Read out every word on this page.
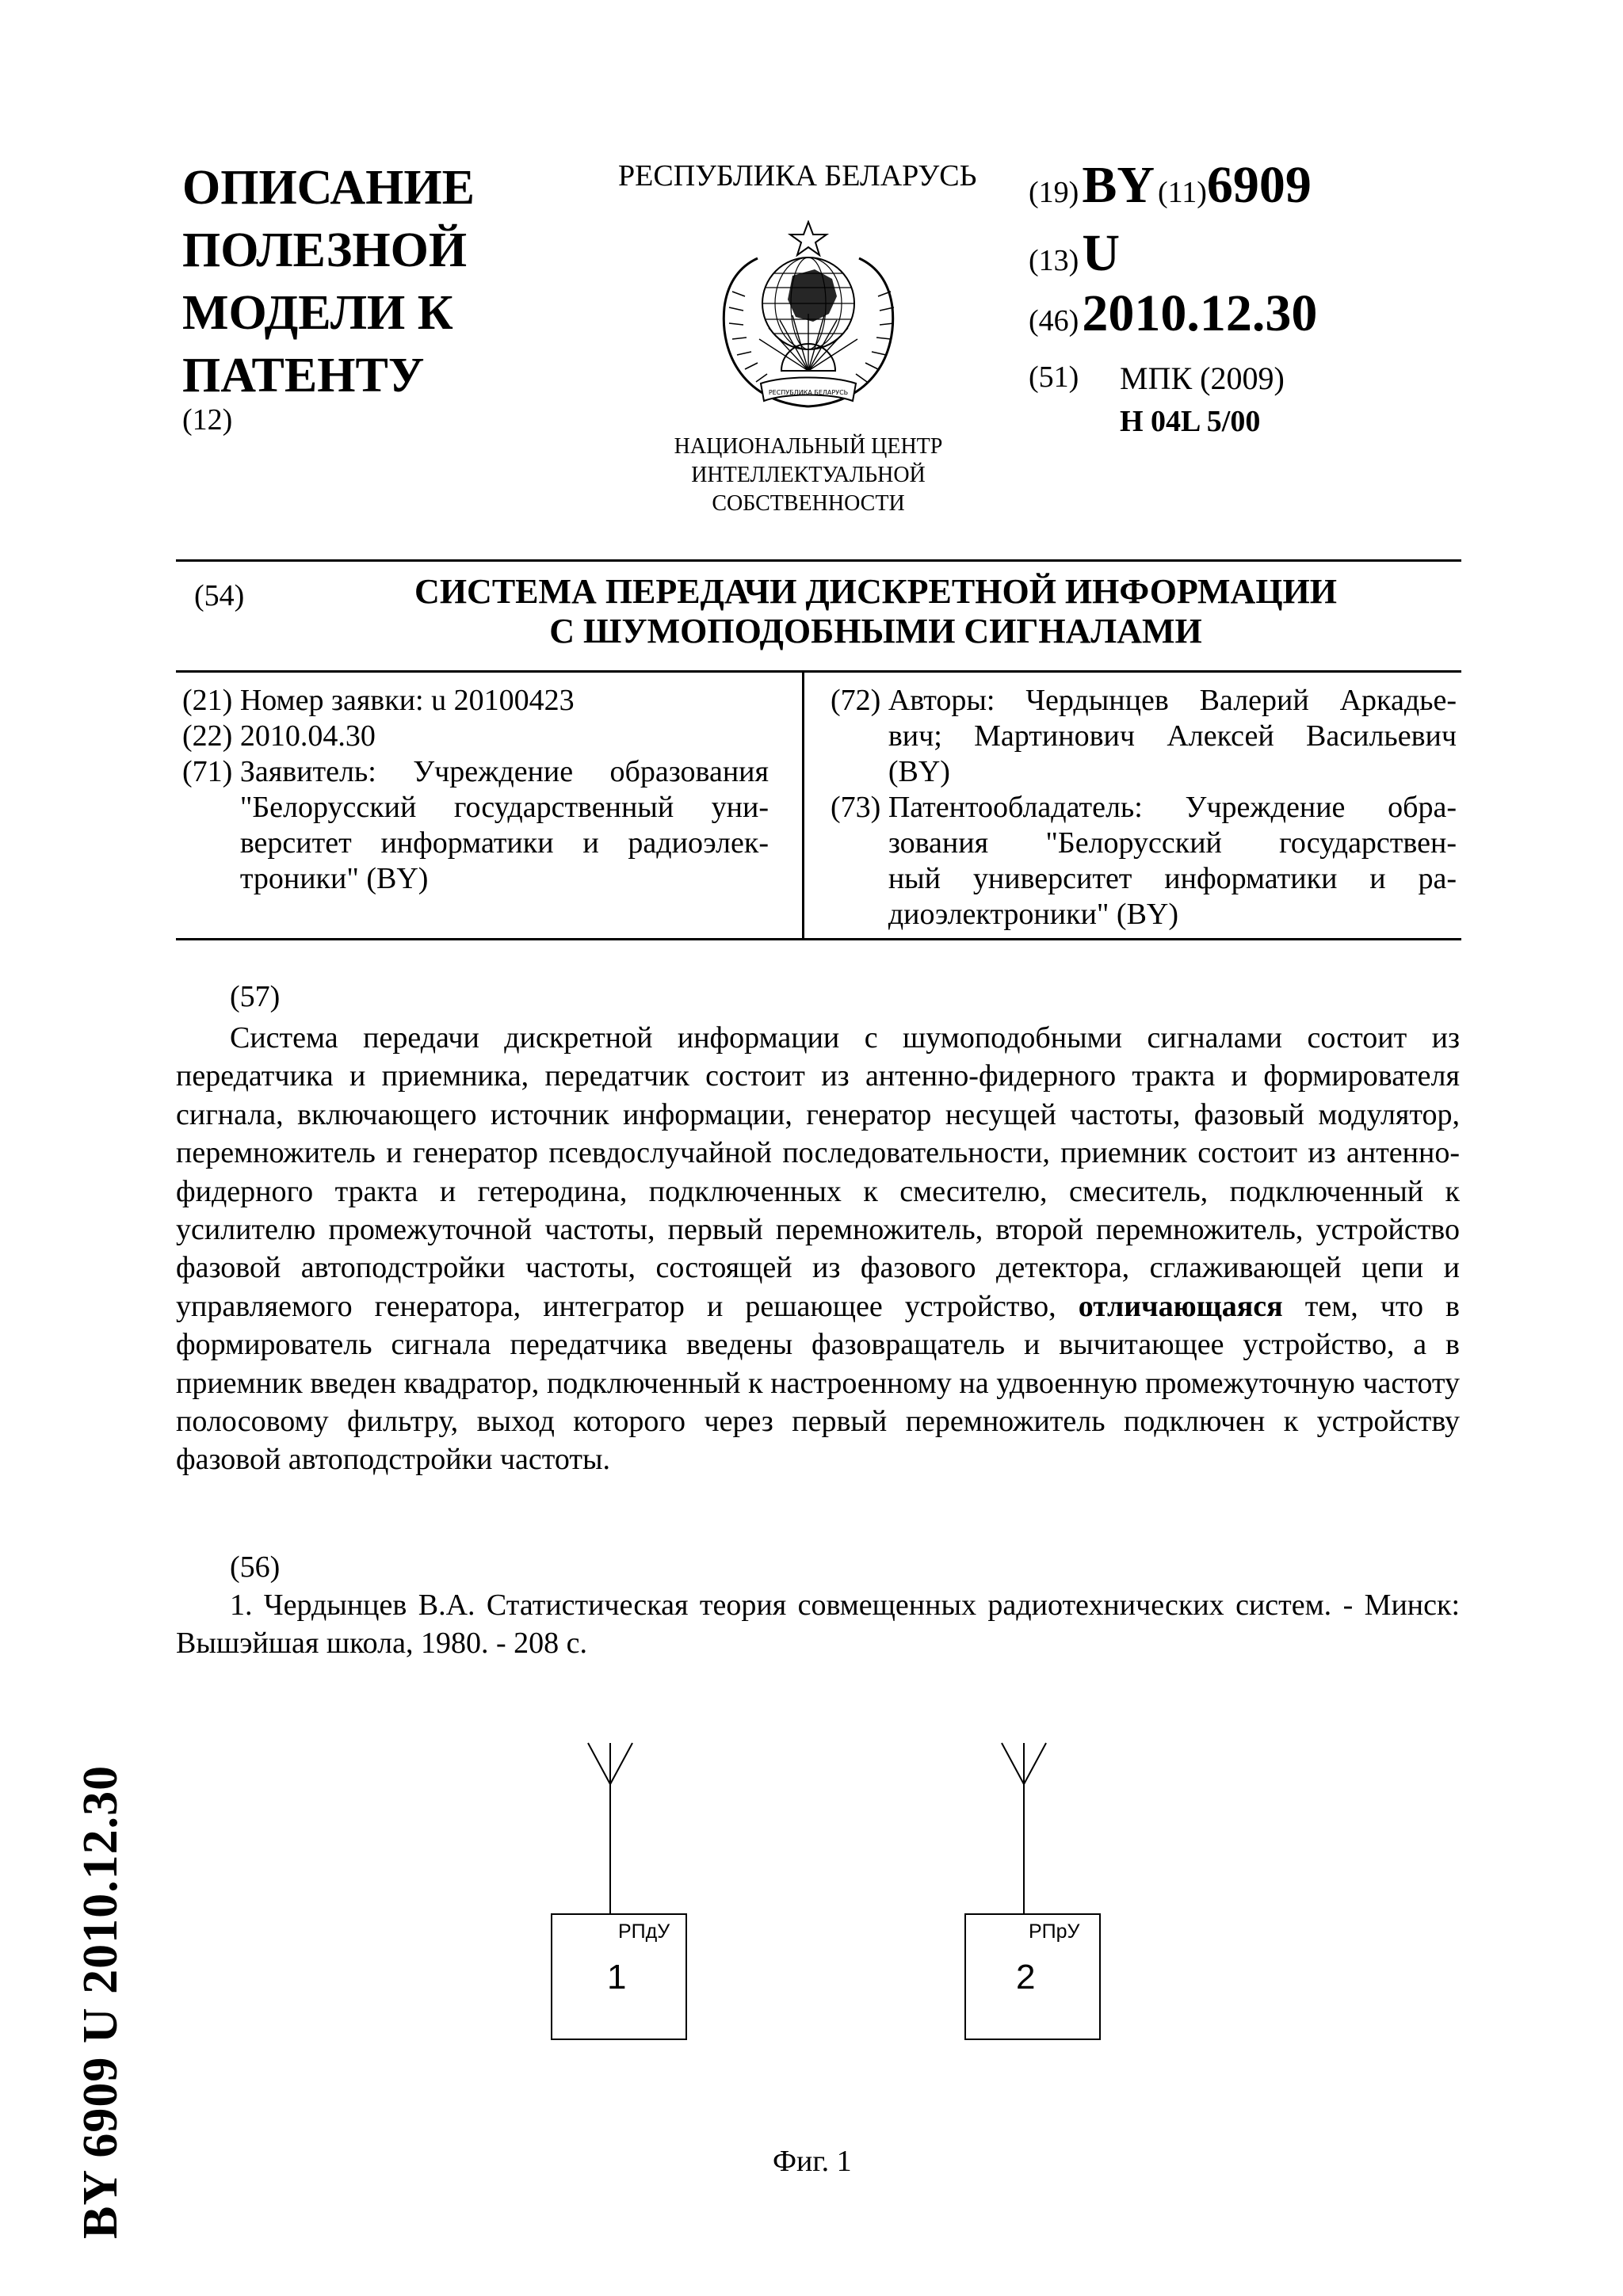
ОПИСАНИЕ
ПОЛЕЗНОЙ
МОДЕЛИ К
ПАТЕНТУ
(12)
РЕСПУБЛИКА БЕЛАРУСЬ
РЕСПУБЛИКА БЕЛАРУСЬ
НАЦИОНАЛЬНЫЙ ЦЕНТР
ИНТЕЛЛЕКТУАЛЬНОЙ
СОБСТВЕННОСТИ
(19) BY (11)6909
(13) U
(46) 2010.12.30
(51) МПК (2009)
H 04L 5/00
(54)	СИСТЕМА ПЕРЕДАЧИ ДИСКРЕТНОЙ ИНФОРМАЦИИ
С ШУМОПОДОБНЫМИ СИГНАЛАМИ
(21) Номер заявки: u 20100423
(22) 2010.04.30
(71) Заявитель: Учреждение образования
"Белорусский государственный уни-
верситет информатики и радиоэлек-
троники" (BY)
(72) Авторы: Чердынцев Валерий Аркадье-
вич; Мартинович Алексей Васильевич
(BY)
(73) Патентообладатель: Учреждение обра-
зования "Белорусский государствен-
ный университет информатики и ра-
диоэлектроники" (BY)
(57)
Система передачи дискретной информации с шумоподобными сигналами состоит из передатчика и приемника, передатчик состоит из антенно-фидерного тракта и формирователя сигнала, включающего источник информации, генератор несущей частоты, фазовый модулятор, перемножитель и генератор псевдослучайной последовательности, приемник состоит из антенно-фидерного тракта и гетеродина, подключенных к смесителю, смеситель, подключенный к усилителю промежуточной частоты, первый перемножитель, второй перемножитель, устройство фазовой автоподстройки частоты, состоящей из фазового детектора, сглаживающей цепи и управляемого генератора, интегратор и решающее устройство, отличающаяся тем, что в формирователь сигнала передатчика введены фазовращатель и вычитающее устройство, а в приемник введен квадратор, подключенный к настроенному на удвоенную промежуточную частоту полосовому фильтру, выход которого через первый перемножитель подключен к устройству фазовой автоподстройки частоты.
(56)
1. Чердынцев В.А. Статистическая теория совмещенных радиотехнических систем. - Минск: Вышэйшая школа, 1980. - 208 с.
РПдУ
1
РПрУ
2
Фиг. 1
BY 6909 U 2010.12.30
